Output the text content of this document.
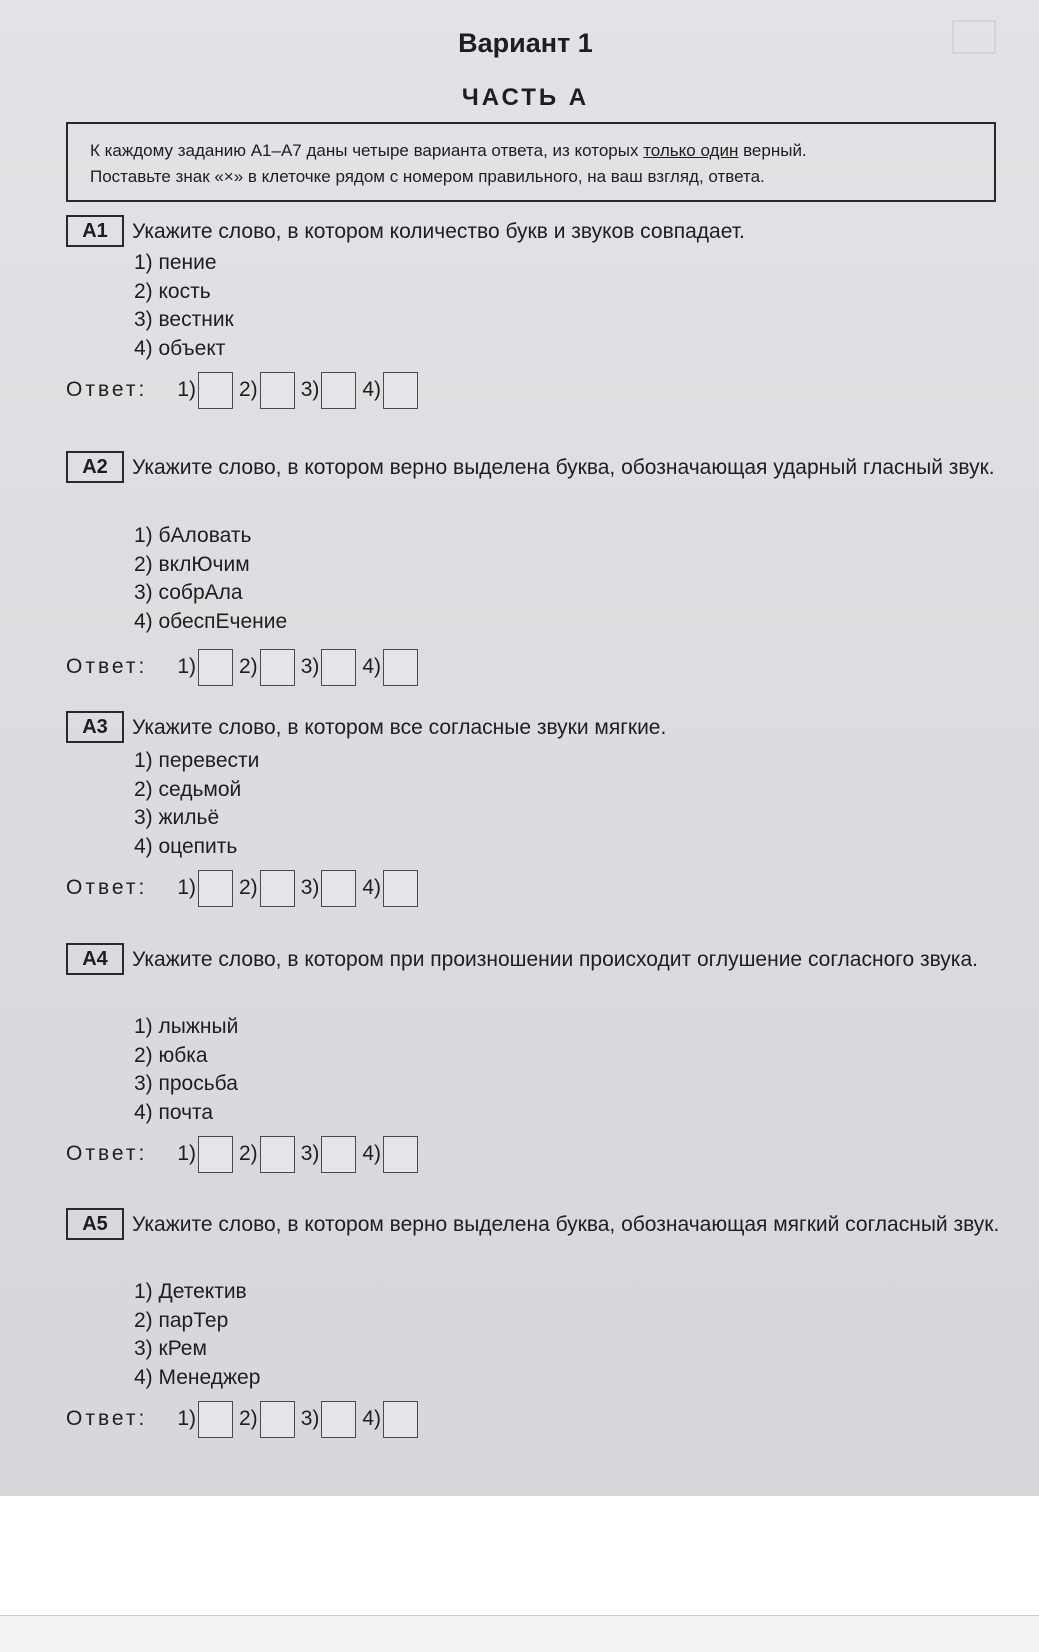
Вариант 1
ЧАСТЬ А
К каждому заданию А1–А7 даны четыре варианта ответа, из которых только один верный.
Поставьте знак «×» в клеточке рядом с номером правильного, на ваш взгляд, ответа.
А1	Укажите слово, в котором количество букв и звуков совпадает.
1) пение
2) кость
3) вестник
4) объект
Ответ: 1) 2) 3) 4)
А2	Укажите слово, в котором верно выделена буква, обозначающая ударный гласный звук.
1) бАловать
2) вклЮчим
3) собрАла
4) обеспЕчение
Ответ: 1) 2) 3) 4)
А3	Укажите слово, в котором все согласные звуки мягкие.
1) перевести
2) седьмой
3) жильё
4) оцепить
Ответ: 1) 2) 3) 4)
А4	Укажите слово, в котором при произношении происходит оглушение согласного звука.
1) лыжный
2) юбка
3) просьба
4) почта
Ответ: 1) 2) 3) 4)
А5	Укажите слово, в котором верно выделена буква, обозначающая мягкий согласный звук.
1) Детектив
2) парТер
3) кРем
4) Менеджер
Ответ: 1) 2) 3) 4)
